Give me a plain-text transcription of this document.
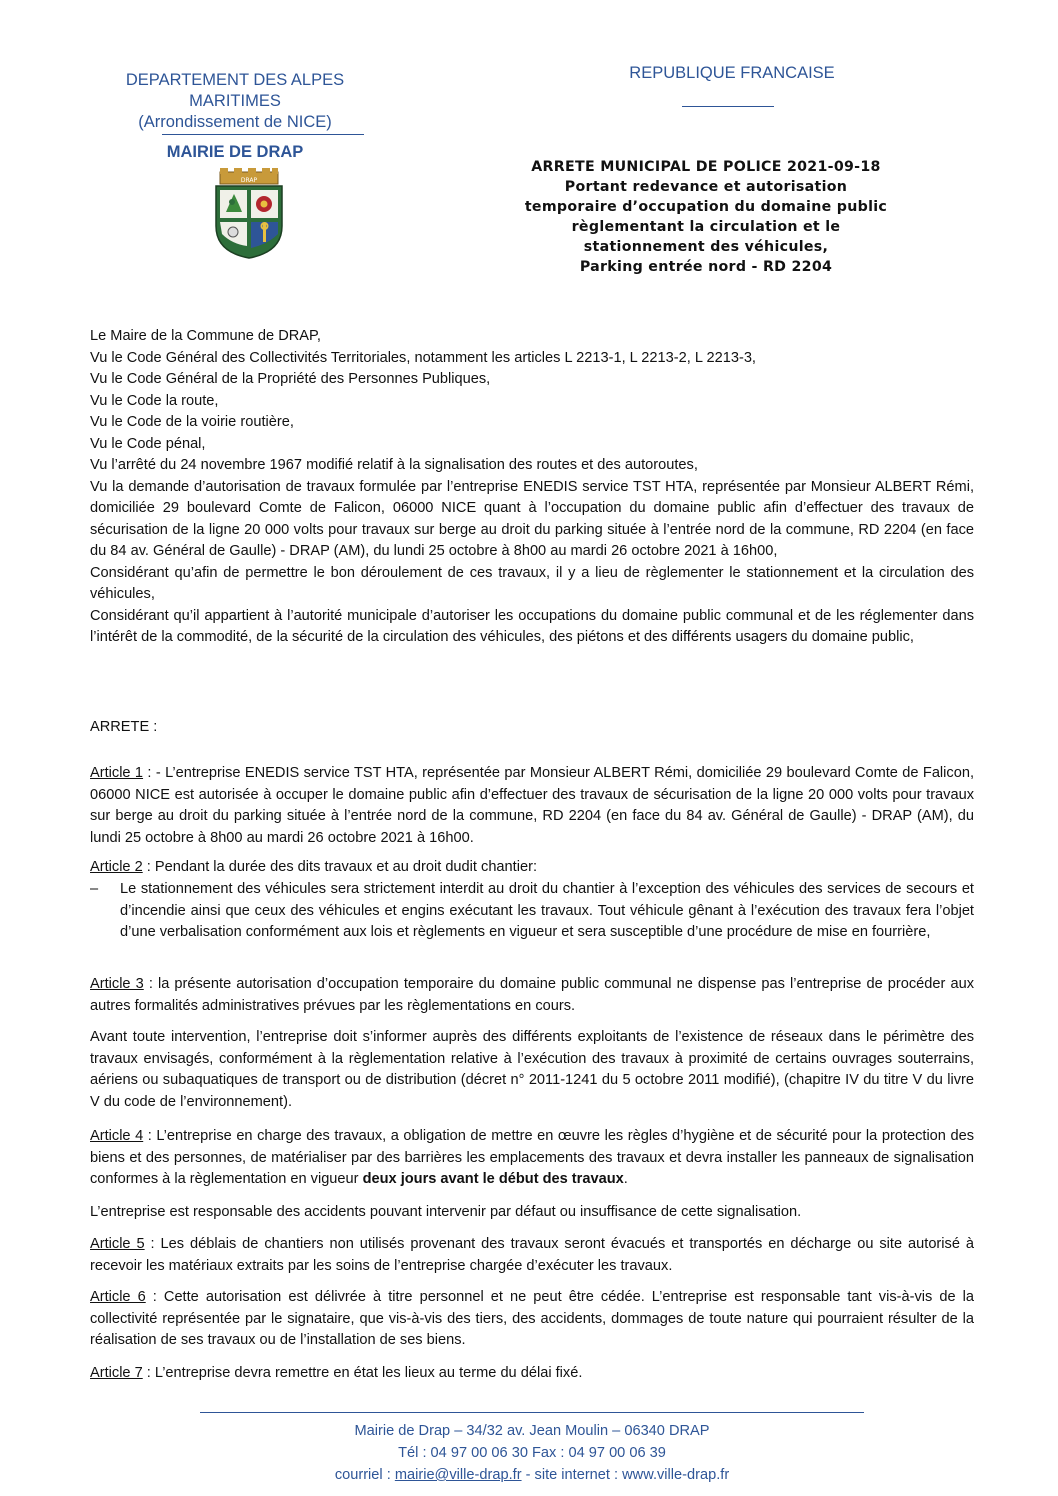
DEPARTEMENT DES ALPES MARITIMES
(Arrondissement de NICE)
MAIRIE DE DRAP
DRAP
REPUBLIQUE FRANCAISE
ARRETE MUNICIPAL DE POLICE 2021-09-18
Portant redevance et autorisation
temporaire d’occupation du domaine public
règlementant la circulation et le
stationnement des véhicules,
Parking entrée nord - RD 2204

Le Maire de la Commune de DRAP,

Vu le Code Général des Collectivités Territoriales, notamment les articles L 2213-1, L 2213-2, L 2213-3,

Vu le Code Général de la Propriété des Personnes Publiques,

Vu le Code la route,

Vu le Code de la voirie routière,

Vu le Code pénal,

Vu l’arrêté du 24 novembre 1967 modifié relatif à la signalisation des routes et des autoroutes,

Vu la demande d’autorisation de travaux formulée par l’entreprise ENEDIS service TST HTA, représentée par Monsieur ALBERT Rémi, domiciliée 29 boulevard Comte de Falicon, 06000 NICE quant à l’occupation du domaine public afin d’effectuer des travaux de sécurisation de la ligne 20 000 volts pour travaux sur berge au droit du parking située à l’entrée nord de la commune, RD 2204 (en face du 84 av. Général de Gaulle) - DRAP (AM), du lundi 25 octobre à 8h00 au mardi 26 octobre 2021 à 16h00,

Considérant qu’afin de permettre le bon déroulement de ces travaux, il y a lieu de règlementer le stationnement et la circulation des véhicules,

Considérant qu’il appartient à l’autorité municipale d’autoriser les occupations du domaine public communal et de les réglementer dans l’intérêt de la commodité, de la sécurité de la circulation des véhicules, des piétons et des différents usagers du domaine public,

ARRETE :

Article 1 : - L’entreprise ENEDIS service TST HTA, représentée par Monsieur ALBERT Rémi, domiciliée 29 boulevard Comte de Falicon, 06000 NICE est autorisée à occuper le domaine public afin d’effectuer des travaux de sécurisation de la ligne 20 000 volts pour travaux sur berge au droit du parking située à l’entrée nord de la commune, RD 2204 (en face du 84 av. Général de Gaulle) - DRAP (AM), du lundi 25 octobre à 8h00 au mardi 26 octobre 2021 à 16h00.

Article 2 : Pendant la durée des dits travaux et au droit dudit chantier:

– Le stationnement des véhicules sera strictement interdit au droit du chantier à l’exception des véhicules des services de secours et d’incendie ainsi que ceux des véhicules et engins exécutant les travaux. Tout véhicule gênant à l’exécution des travaux fera l’objet d’une verbalisation conformément aux lois et règlements en vigueur et sera susceptible d’une procédure de mise en fourrière,

Article 3 : la présente autorisation d’occupation temporaire du domaine public communal ne dispense pas l’entreprise de procéder aux autres formalités administratives prévues par les règlementations en cours.

Avant toute intervention, l’entreprise doit s’informer auprès des différents exploitants de l’existence de réseaux dans le périmètre des travaux envisagés, conformément à la règlementation relative à l’exécution des travaux à proximité de certains ouvrages souterrains, aériens ou subaquatiques de transport ou de distribution (décret n° 2011-1241 du 5 octobre 2011 modifié), (chapitre IV du titre V du livre V du code de l’environnement).

Article 4 : L’entreprise en charge des travaux, a obligation de mettre en œuvre les règles d’hygiène et de sécurité pour la protection des biens et des personnes, de matérialiser par des barrières les emplacements des travaux et devra installer les panneaux de signalisation conformes à la règlementation en vigueur deux jours avant le début des travaux.

L’entreprise est responsable des accidents pouvant intervenir par défaut ou insuffisance de cette signalisation.

Article 5 : Les déblais de chantiers non utilisés provenant des travaux seront évacués et transportés en décharge ou site autorisé à recevoir les matériaux extraits par les soins de l’entreprise chargée d’exécuter les travaux.

Article 6 : Cette autorisation est délivrée à titre personnel et ne peut être cédée. L’entreprise est responsable tant vis-à-vis de la collectivité représentée par le signataire, que vis-à-vis des tiers, des accidents, dommages de toute nature qui pourraient résulter de la réalisation de ses travaux ou de l’installation de ses biens.

Article 7 : L’entreprise devra remettre en état les lieux au terme du délai fixé.

Mairie de Drap – 34/32 av. Jean Moulin – 06340 DRAP
Tél : 04 97 00 06 30 Fax : 04 97 00 06 39
courriel : mairie@ville-drap.fr - site internet : www.ville-drap.fr
